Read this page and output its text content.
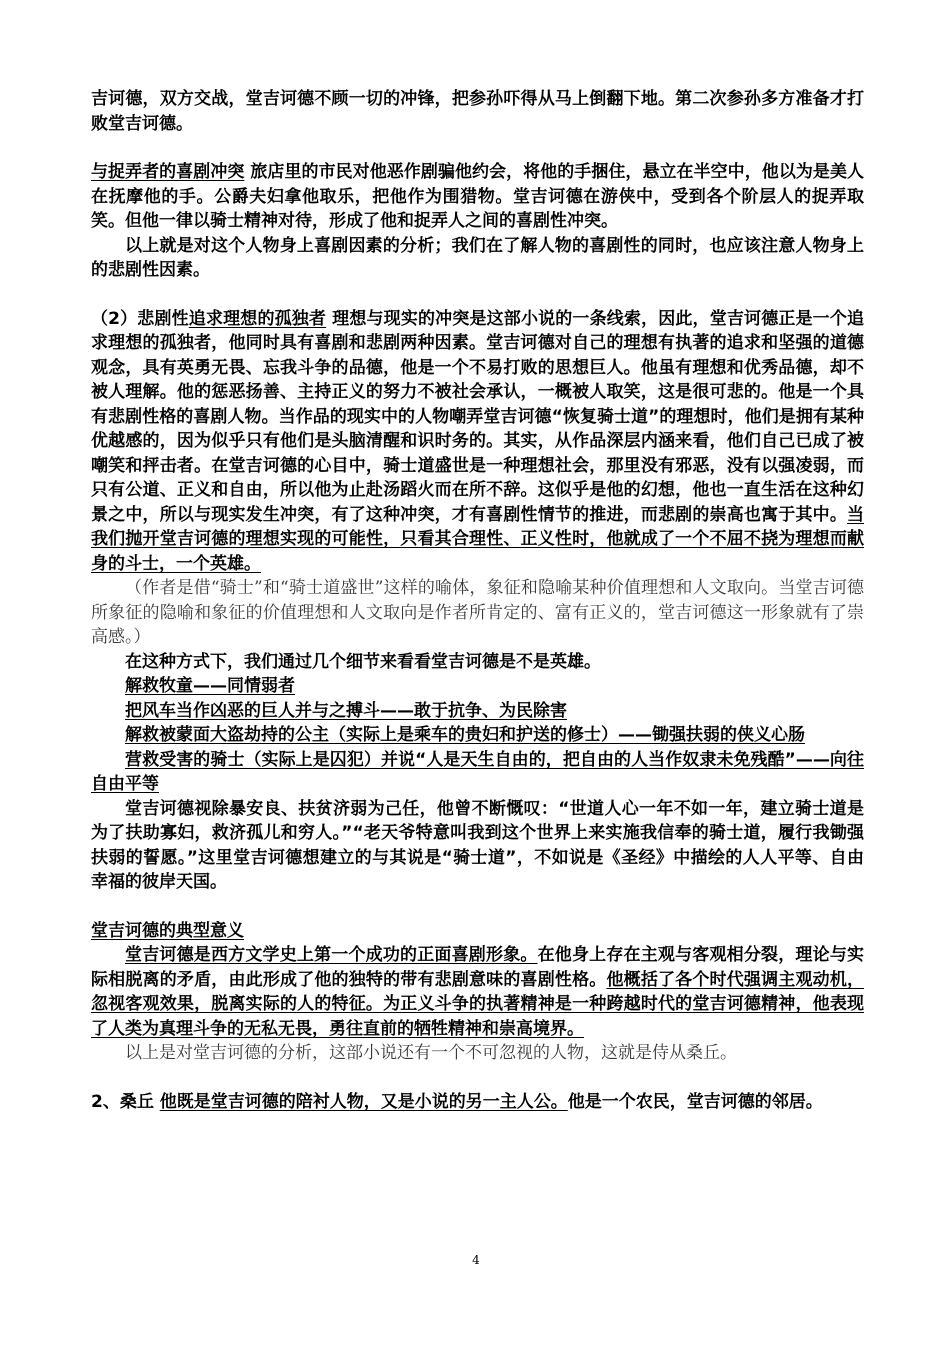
吉诃德，双方交战，堂吉诃德不顾一切的冲锋，把参孙吓得从马上倒翻下地。第二次参孙多方准备才打败堂吉诃德。

与捉弄者的喜剧冲突 旅店里的市民对他恶作剧骗他约会，将他的手捆住，悬立在半空中，他以为是美人在抚摩他的手。公爵夫妇拿他取乐，把他作为围猎物。堂吉诃德在游侠中，受到各个阶层人的捉弄取笑。但他一律以骑士精神对待，形成了他和捉弄人之间的喜剧性冲突。

以上就是对这个人物身上喜剧因素的分析；我们在了解人物的喜剧性的同时，也应该注意人物身上的悲剧性因素。

（2）悲剧性追求理想的孤独者 理想与现实的冲突是这部小说的一条线索，因此，堂吉诃德正是一个追求理想的孤独者，他同时具有喜剧和悲剧两种因素。堂吉诃德对自己的理想有执著的追求和坚强的道德观念，具有英勇无畏、忘我斗争的品德，他是一个不易打败的思想巨人。他虽有理想和优秀品德，却不被人理解。他的惩恶扬善、主持正义的努力不被社会承认，一概被人取笑，这是很可悲的。他是一个具有悲剧性格的喜剧人物。当作品的现实中的人物嘲弄堂吉诃德“恢复骑士道”的理想时，他们是拥有某种优越感的，因为似乎只有他们是头脑清醒和识时务的。其实，从作品深层内涵来看，他们自己已成了被嘲笑和抨击者。在堂吉诃德的心目中，骑士道盛世是一种理想社会，那里没有邪恶，没有以强凌弱，而只有公道、正义和自由，所以他为止赴汤蹈火而在所不辞。这似乎是他的幻想，他也一直生活在这种幻景之中，所以与现实发生冲突，有了这种冲突，才有喜剧性情节的推进，而悲剧的崇高也寓于其中。当我们抛开堂吉诃德的理想实现的可能性，只看其合理性、正义性时，他就成了一个不屈不挠为理想而献身的斗士，一个英雄。

（作者是借“骑士”和“骑士道盛世”这样的喻体，象征和隐喻某种价值理想和人文取向。当堂吉诃德所象征的隐喻和象征的价值理想和人文取向是作者所肯定的、富有正义的，堂吉诃德这一形象就有了崇高感。）

在这种方式下，我们通过几个细节来看看堂吉诃德是不是英雄。

解救牧童——同情弱者

把风车当作凶恶的巨人并与之搏斗——敢于抗争、为民除害

解救被蒙面大盗劫持的公主（实际上是乘车的贵妇和护送的修士）——锄强扶弱的侠义心肠

营救受害的骑士（实际上是囚犯）并说“人是天生自由的，把自由的人当作奴隶未免残酷”——向往自由平等

堂吉诃德视除暴安良、扶贫济弱为己任，他曾不断慨叹：“世道人心一年不如一年，建立骑士道是为了扶助寡妇，救济孤儿和穷人。”“老天爷特意叫我到这个世界上来实施我信奉的骑士道，履行我锄强扶弱的誓愿。”这里堂吉诃德想建立的与其说是“骑士道”，不如说是《圣经》中描绘的人人平等、自由幸福的彼岸天国。

堂吉诃德的典型意义

堂吉诃德是西方文学史上第一个成功的正面喜剧形象。在他身上存在主观与客观相分裂，理论与实际相脱离的矛盾，由此形成了他的独特的带有悲剧意味的喜剧性格。他概括了各个时代强调主观动机，忽视客观效果，脱离实际的人的特征。为正义斗争的执著精神是一种跨越时代的堂吉诃德精神，他表现了人类为真理斗争的无私无畏，勇往直前的牺牲精神和崇高境界。

以上是对堂吉诃德的分析，这部小说还有一个不可忽视的人物，这就是侍从桑丘。

2、桑丘 他既是堂吉诃德的陪衬人物，又是小说的另一主人公。他是一个农民，堂吉诃德的邻居。

4
